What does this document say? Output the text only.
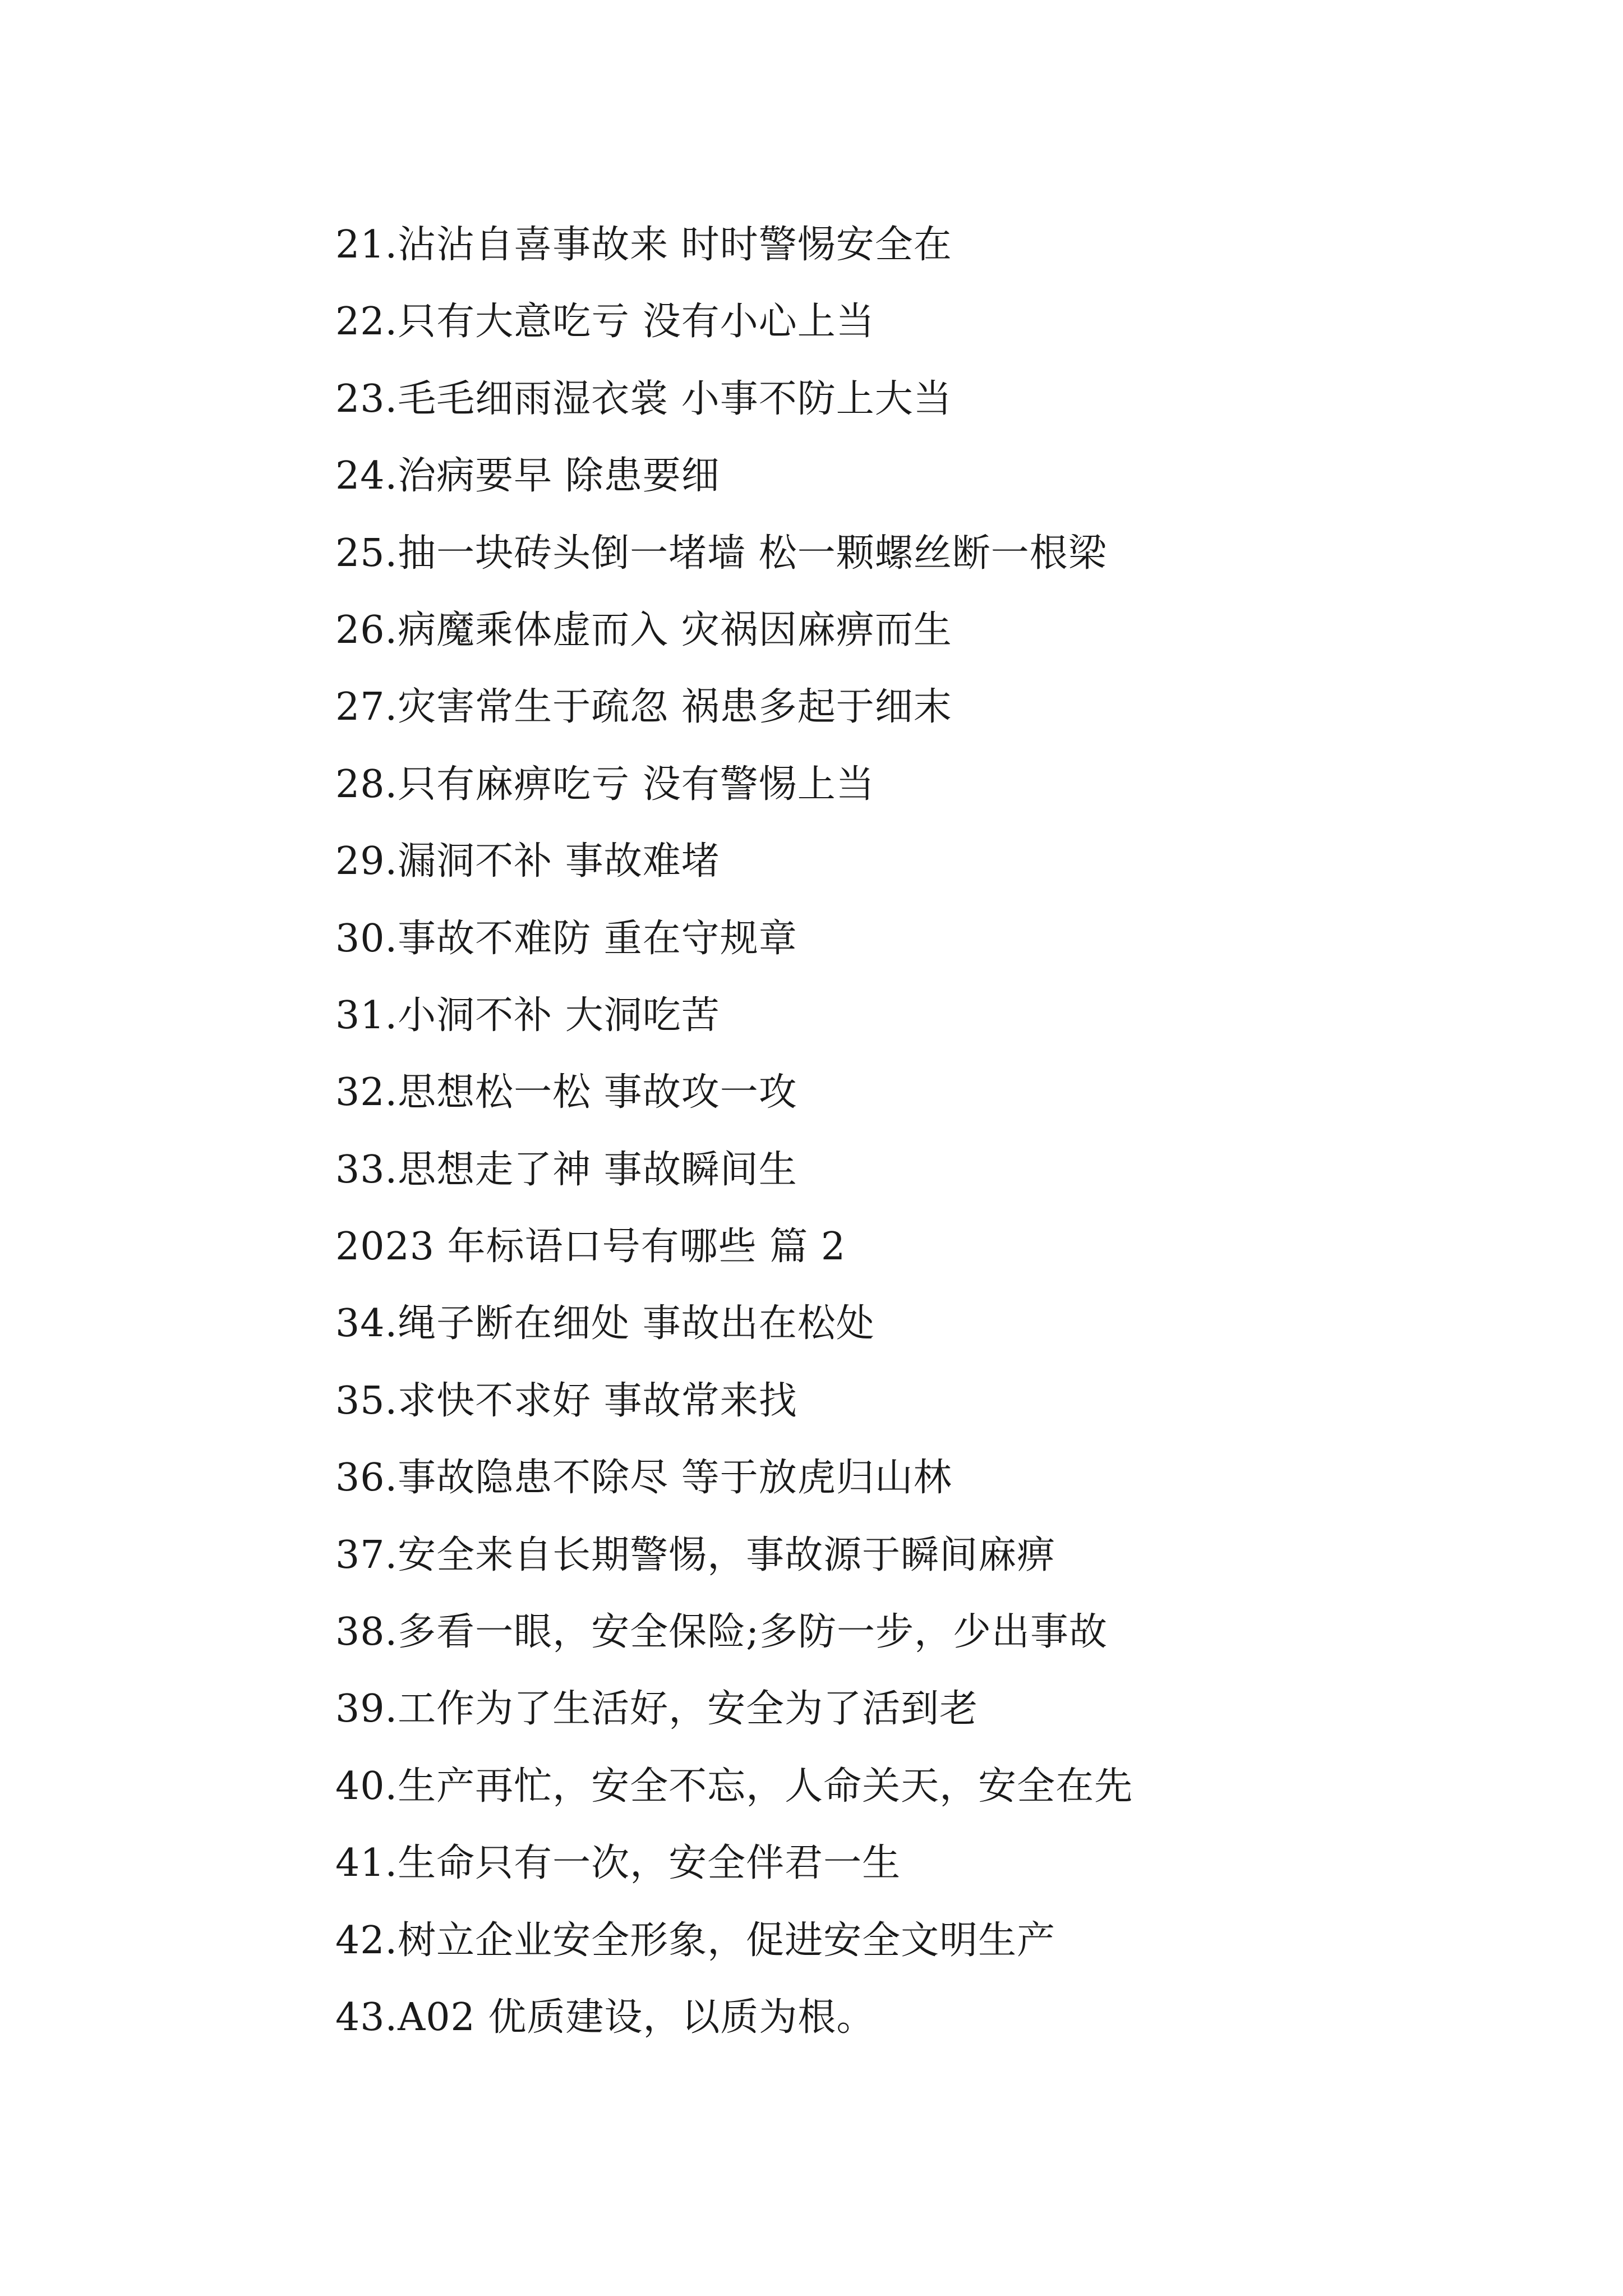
21.沾沾自喜事故来 时时警惕安全在
22.只有大意吃亏 没有小心上当
23.毛毛细雨湿衣裳 小事不防上大当
24.治病要早 除患要细
25.抽一块砖头倒一堵墙 松一颗螺丝断一根梁
26.病魔乘体虚而入 灾祸因麻痹而生
27.灾害常生于疏忽 祸患多起于细末
28.只有麻痹吃亏 没有警惕上当
29.漏洞不补 事故难堵
30.事故不难防 重在守规章
31.小洞不补 大洞吃苦
32.思想松一松 事故攻一攻
33.思想走了神 事故瞬间生
2023 年标语口号有哪些 篇 2
34.绳子断在细处 事故出在松处
35.求快不求好 事故常来找
36.事故隐患不除尽 等于放虎归山林
37.安全来自长期警惕，事故源于瞬间麻痹
38.多看一眼，安全保险;多防一步，少出事故
39.工作为了生活好，安全为了活到老
40.生产再忙，安全不忘，人命关天，安全在先
41.生命只有一次，安全伴君一生
42.树立企业安全形象，促进安全文明生产
43.A02 优质建设，以质为根。
